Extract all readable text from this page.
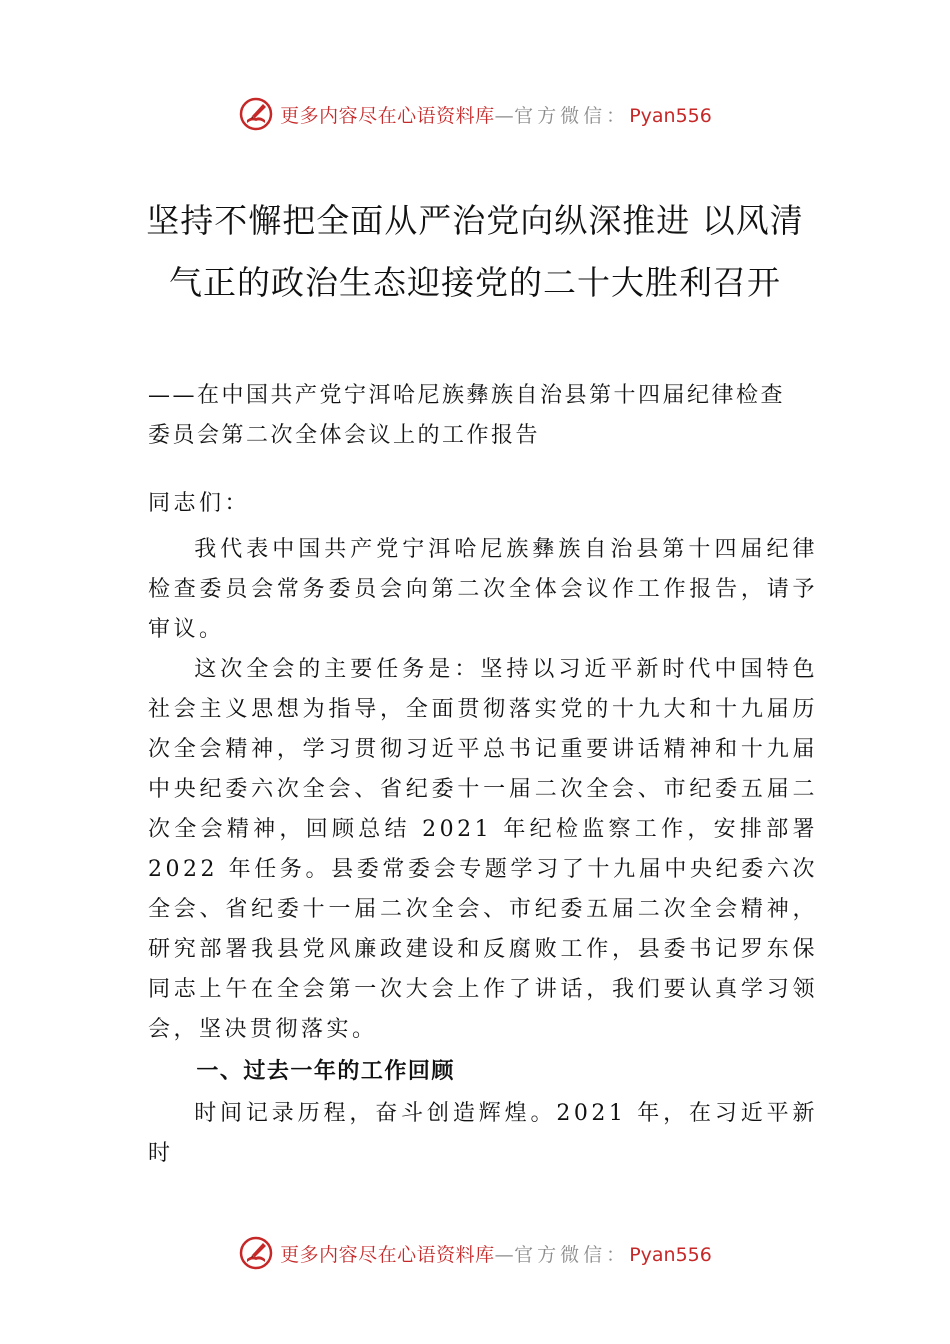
更多内容尽在心语资料库—官方微信：Pyan556
坚持不懈把全面从严治党向纵深推进 以风清气正的政治生态迎接党的二十大胜利召开

——在中国共产党宁洱哈尼族彝族自治县第十四届纪律检查委员会第二次全体会议上的工作报告

同志们：

我代表中国共产党宁洱哈尼族彝族自治县第十四届纪律检查委员会常务委员会向第二次全体会议作工作报告，请予审议。

这次全会的主要任务是：坚持以习近平新时代中国特色社会主义思想为指导，全面贯彻落实党的十九大和十九届历次全会精神，学习贯彻习近平总书记重要讲话精神和十九届中央纪委六次全会、省纪委十一届二次全会、市纪委五届二次全会精神，回顾总结 2021 年纪检监察工作，安排部署 2022 年任务。县委常委会专题学习了十九届中央纪委六次全会、省纪委十一届二次全会、市纪委五届二次全会精神，研究部署我县党风廉政建设和反腐败工作，县委书记罗东保同志上午在全会第一次大会上作了讲话，我们要认真学习领会，坚决贯彻落实。

一、过去一年的工作回顾

时间记录历程，奋斗创造辉煌。2021 年，在习近平新时

更多内容尽在心语资料库—官方微信：Pyan556
